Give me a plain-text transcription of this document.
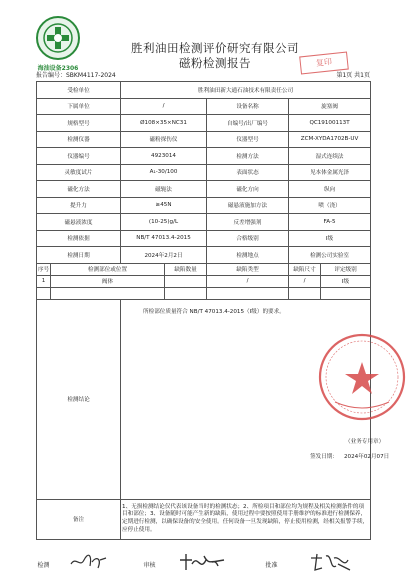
海油设备2306
胜利油田检测评价研究有限公司
磁粉检测报告	复印
报告编号：SBKM4117-2024	第1页 共1页
受检单位		胜利油田新大通石油技术有限责任公司				
下属单位		/		设备名称	旋塞阀	
规格型号		Ø108×35×NC31		自编号/出厂编号	QC19100113T	
检测仪器		磁粉探伤仪		仪器型号	ZCM-XYDA1702B-UV	
仪器编号		4923014		检测方法	湿式连续法	
灵敏度试片		A₁-30/100		表面状态	见本体金属光泽	
磁化方法		磁轭法		磁化方向	纵向	
提升力		≥45N		磁悬液施加方法	喷（浇）	
磁悬液浓度		(10-25)g/L		反差增强剂	FA-5	
检测依据		NB/T 47013.4-2015		合格级别	Ⅰ级	
检测日期		2024年2月2日		检测地点	检测公司实验室	
序号	检测部位或位置		缺陷数量	缺陷类型	缺陷尺寸	评定级别
1	阀体			/	/	Ⅰ级

检测结论		所检部位质量符合 NB/T 47013.4-2015（Ⅰ级）的要求。
（业务专用章）
签发日期： 2024年02月07日				

备注		1、无损检测结论仅代表该设备当时的检测状态；2、所检项目和部位均为规程及相关检测条件的项目和部位；3、设备随时可能产生新的缺陷，使用过程中要按照使用手册维护的标准进行检测保养，定期进行检测，以确保设备的安全使用。任何设备一旦发现缺陷，停止使用检测，经相关报警手续，应停止使用。				

检测 审核 批准						
